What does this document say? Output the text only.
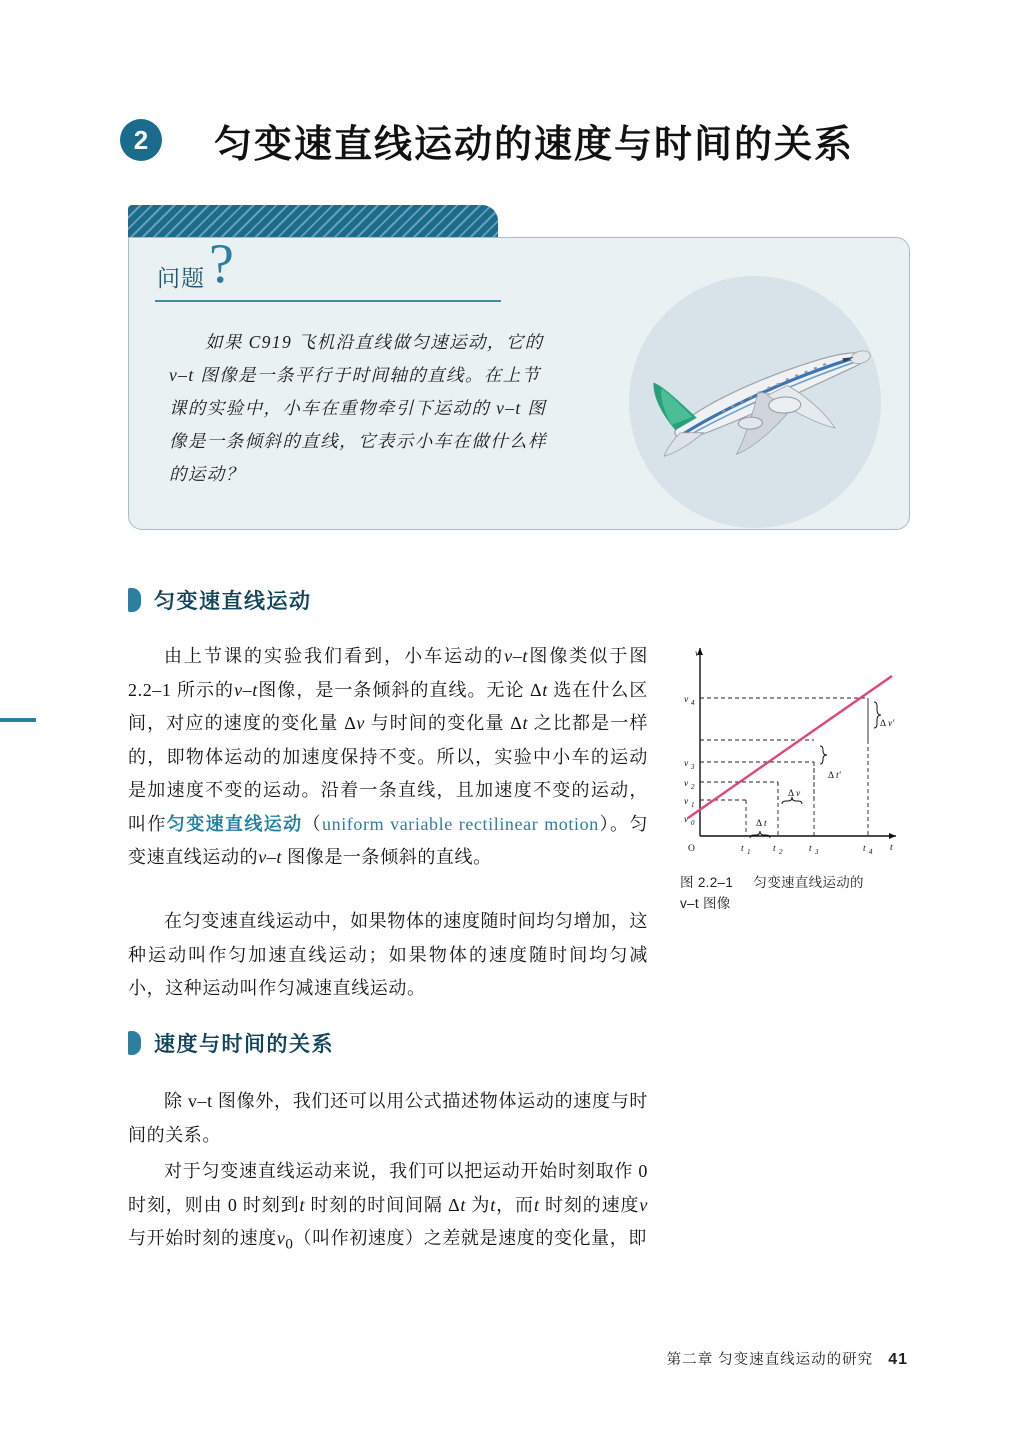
2	匀变速直线运动的速度与时间的关系
问题 ?
如果 C919 飞机沿直线做匀速运动，它的 v–t 图像是一条平行于时间轴的直线。在上节课的实验中，小车在重物牵引下运动的 v–t 图像是一条倾斜的直线，它表示小车在做什么样的运动？
匀变速直线运动
由上节课的实验我们看到，小车运动的v–t图像类似于图 2.2–1 所示的v–t图像，是一条倾斜的直线。无论 Δt 选在什么区间，对应的速度的变化量 Δv 与时间的变化量 Δt 之比都是一样的，即物体运动的加速度保持不变。所以，实验中小车的运动是加速度不变的运动。沿着一条直线，且加速度不变的运动，叫作匀变速直线运动（uniform variable rectilinear motion）。匀变速直线运动的v–t 图像是一条倾斜的直线。
在匀变速直线运动中，如果物体的速度随时间均匀增加，这种运动叫作匀加速直线运动；如果物体的速度随时间均匀减小，这种运动叫作匀减速直线运动。
v 0
v 1
v 2
v 3
v 4
v
t
O	t 1 t 2	t 3	t 4
Δ t
Δ v
Δ t'
Δ v'
图 2.2–1 匀变速直线运动的
v–t 图像
速度与时间的关系
除 v–t 图像外，我们还可以用公式描述物体运动的速度与时间的关系。
对于匀变速直线运动来说，我们可以把运动开始时刻取作 0 时刻，则由 0 时刻到t 时刻的时间间隔 Δt 为t，而t 时刻的速度v 与开始时刻的速度$v_0$（叫作初速度）之差就是速度的变化量，即
第二章 匀变速直线运动的研究 41
